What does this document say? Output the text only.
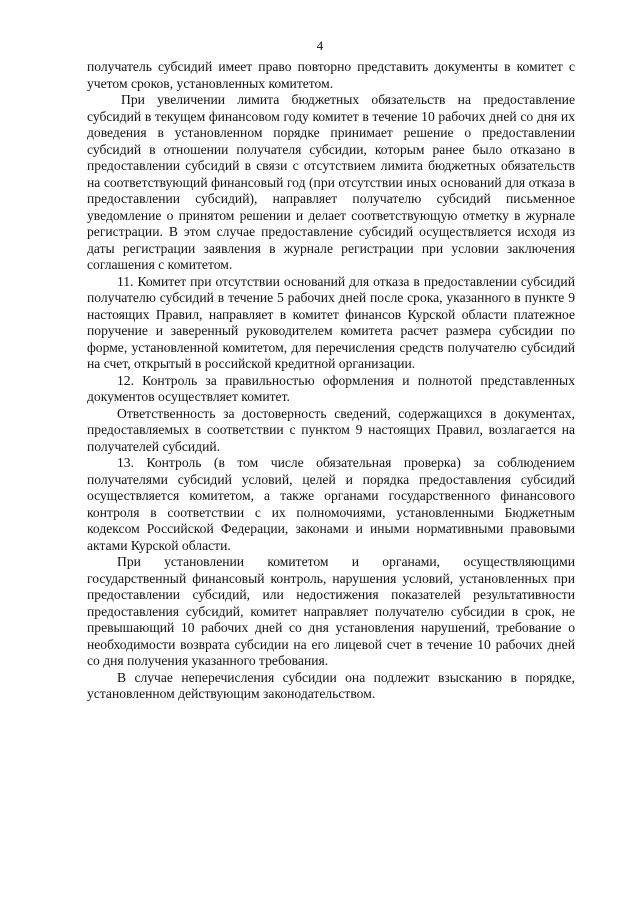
4

получатель субсидий имеет право повторно представить документы в комитет с учетом сроков, установленных комитетом.

При увеличении лимита бюджетных обязательств на предоставление субсидий в текущем финансовом году комитет в течение 10 рабочих дней со дня их доведения в установленном порядке принимает решение о предоставлении субсидий в отношении получателя субсидии, которым ранее было отказано в предоставлении субсидий в связи с отсутствием лимита бюджетных обязательств на соответствующий финансовый год (при отсутствии иных оснований для отказа в предоставлении субсидий), направляет получателю субсидий письменное уведомление о принятом решении и делает соответствующую отметку в журнале регистрации. В этом случае предоставление субсидий осуществляется исходя из даты регистрации заявления в журнале регистрации при условии заключения соглашения с комитетом.

11. Комитет при отсутствии оснований для отказа в предоставлении субсидий получателю субсидий в течение 5 рабочих дней после срока, указанного в пункте 9 настоящих Правил, направляет в комитет финансов Курской области платежное поручение и заверенный руководителем комитета расчет размера субсидии по форме, установленной комитетом, для перечисления средств получателю субсидий на счет, открытый в российской кредитной организации.

12. Контроль за правильностью оформления и полнотой представленных документов осуществляет комитет.

Ответственность за достоверность сведений, содержащихся в документах, предоставляемых в соответствии с пунктом 9 настоящих Правил, возлагается на получателей субсидий.

13. Контроль (в том числе обязательная проверка) за соблюдением получателями субсидий условий, целей и порядка предоставления субсидий осуществляется комитетом, а также органами государственного финансового контроля в соответствии с их полномочиями, установленными Бюджетным кодексом Российской Федерации, законами и иными нормативными правовыми актами Курской области.

При установлении комитетом и органами, осуществляющими государственный финансовый контроль, нарушения условий, установленных при предоставлении субсидий, или недостижения показателей результативности предоставления субсидий, комитет направляет получателю субсидии в срок, не превышающий 10 рабочих дней со дня установления нарушений, требование о необходимости возврата субсидии на его лицевой счет в течение 10 рабочих дней со дня получения указанного требования.

В случае неперечисления субсидии она подлежит взысканию в порядке, установленном действующим законодательством.
